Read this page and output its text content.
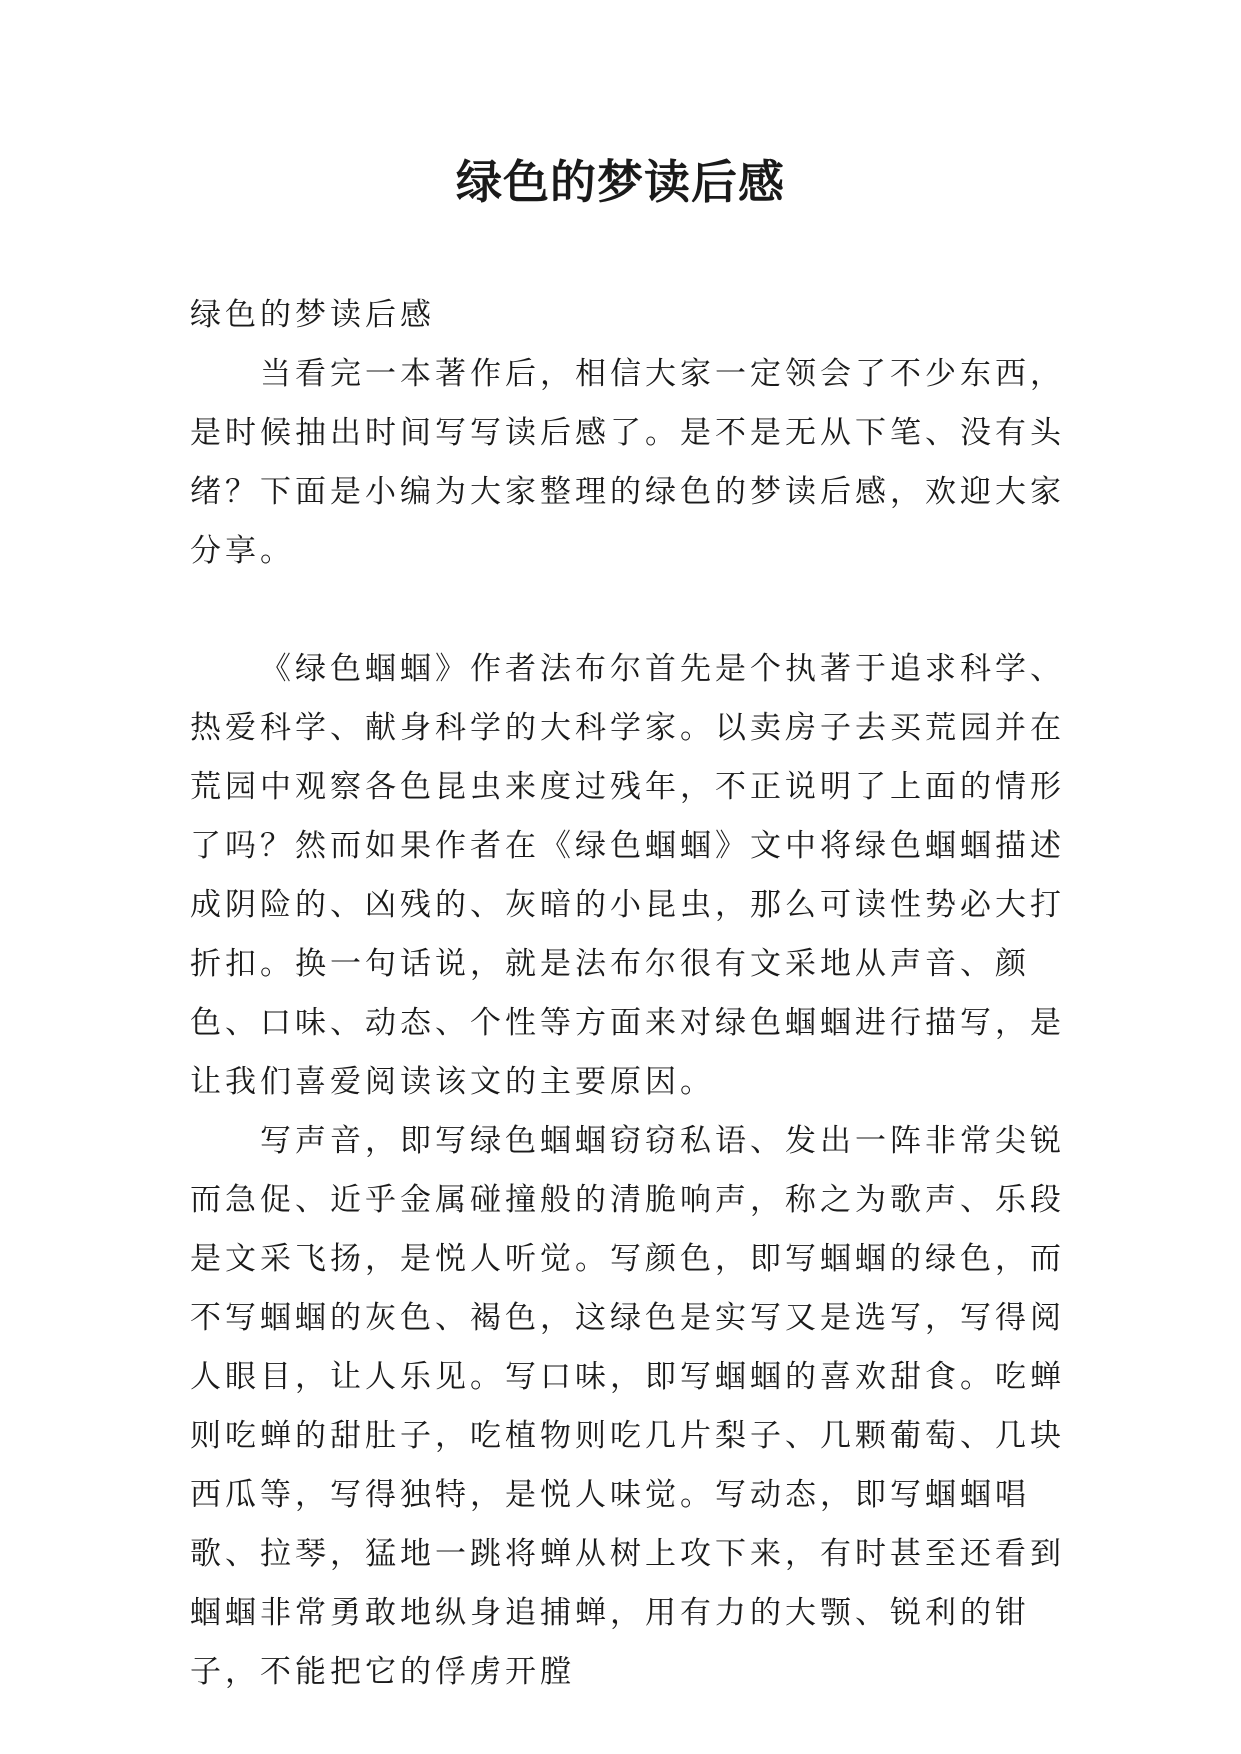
绿色的梦读后感

绿色的梦读后感

当看完一本著作后，相信大家一定领会了不少东西，是时候抽出时间写写读后感了。是不是无从下笔、没有头绪？下面是小编为大家整理的绿色的梦读后感，欢迎大家分享。

《绿色蝈蝈》作者法布尔首先是个执著于追求科学、热爱科学、献身科学的大科学家。以卖房子去买荒园并在荒园中观察各色昆虫来度过残年，不正说明了上面的情形了吗？然而如果作者在《绿色蝈蝈》文中将绿色蝈蝈描述成阴险的、凶残的、灰暗的小昆虫，那么可读性势必大打折扣。换一句话说，就是法布尔很有文采地从声音、颜色、口味、动态、个性等方面来对绿色蝈蝈进行描写，是让我们喜爱阅读该文的主要原因。

写声音，即写绿色蝈蝈窃窃私语、发出一阵非常尖锐而急促、近乎金属碰撞般的清脆响声，称之为歌声、乐段是文采飞扬，是悦人听觉。写颜色，即写蝈蝈的绿色，而不写蝈蝈的灰色、褐色，这绿色是实写又是选写，写得阅人眼目，让人乐见。写口味，即写蝈蝈的喜欢甜食。吃蝉则吃蝉的甜肚子，吃植物则吃几片梨子、几颗葡萄、几块西瓜等，写得独特，是悦人味觉。写动态，即写蝈蝈唱歌、拉琴，猛地一跳将蝉从树上攻下来，有时甚至还看到蝈蝈非常勇敢地纵身追捕蝉，用有力的大颚、锐利的钳子，不能把它的俘虏开膛
